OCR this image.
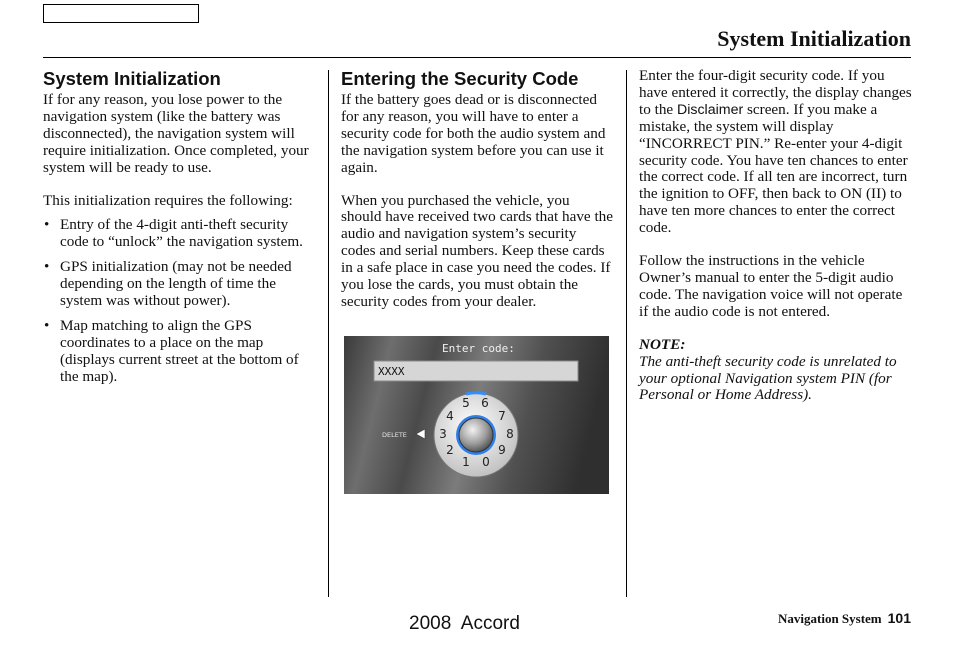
System Initialization
System Initialization

If for any reason, you lose power to the navigation system (like the battery was disconnected), the navigation system will require initialization. Once completed, your system will be ready to use.

This initialization requires the following:

• Entry of the 4-digit anti-theft security code to “unlock” the navigation system.
• GPS initialization (may not be needed depending on the length of time the system was without power).
• Map matching to align the GPS coordinates to a place on the map (displays current street at the bottom of the map).
Entering the Security Code

If the battery goes dead or is disconnected for any reason, you will have to enter a security code for both the audio system and the navigation system before you can use it again.

When you purchased the vehicle, you should have received two cards that have the audio and navigation system’s security codes and serial numbers. Keep these cards in a safe place in case you need the codes. If you lose the cards, you must obtain the security codes from your dealer.

Enter code:
XXXX
DELETE
0
1
2
3
4
5 6
7
8
9

Enter the four-digit security code. If you have entered it correctly, the display changes to the Disclaimer screen. If you make a mistake, the system will display “INCORRECT PIN.” Re-enter your 4-digit security code. You have ten chances to enter the correct code. If all ten are incorrect, turn the ignition to OFF, then back to ON (II) to have ten more chances to enter the correct code.

Follow the instructions in the vehicle Owner’s manual to enter the 5-digit audio code. The navigation voice will not operate if the audio code is not entered.

NOTE:

The anti-theft security code is unrelated to your optional Navigation system PIN (for Personal or Home Address).

2008  Accord	Navigation System 101
